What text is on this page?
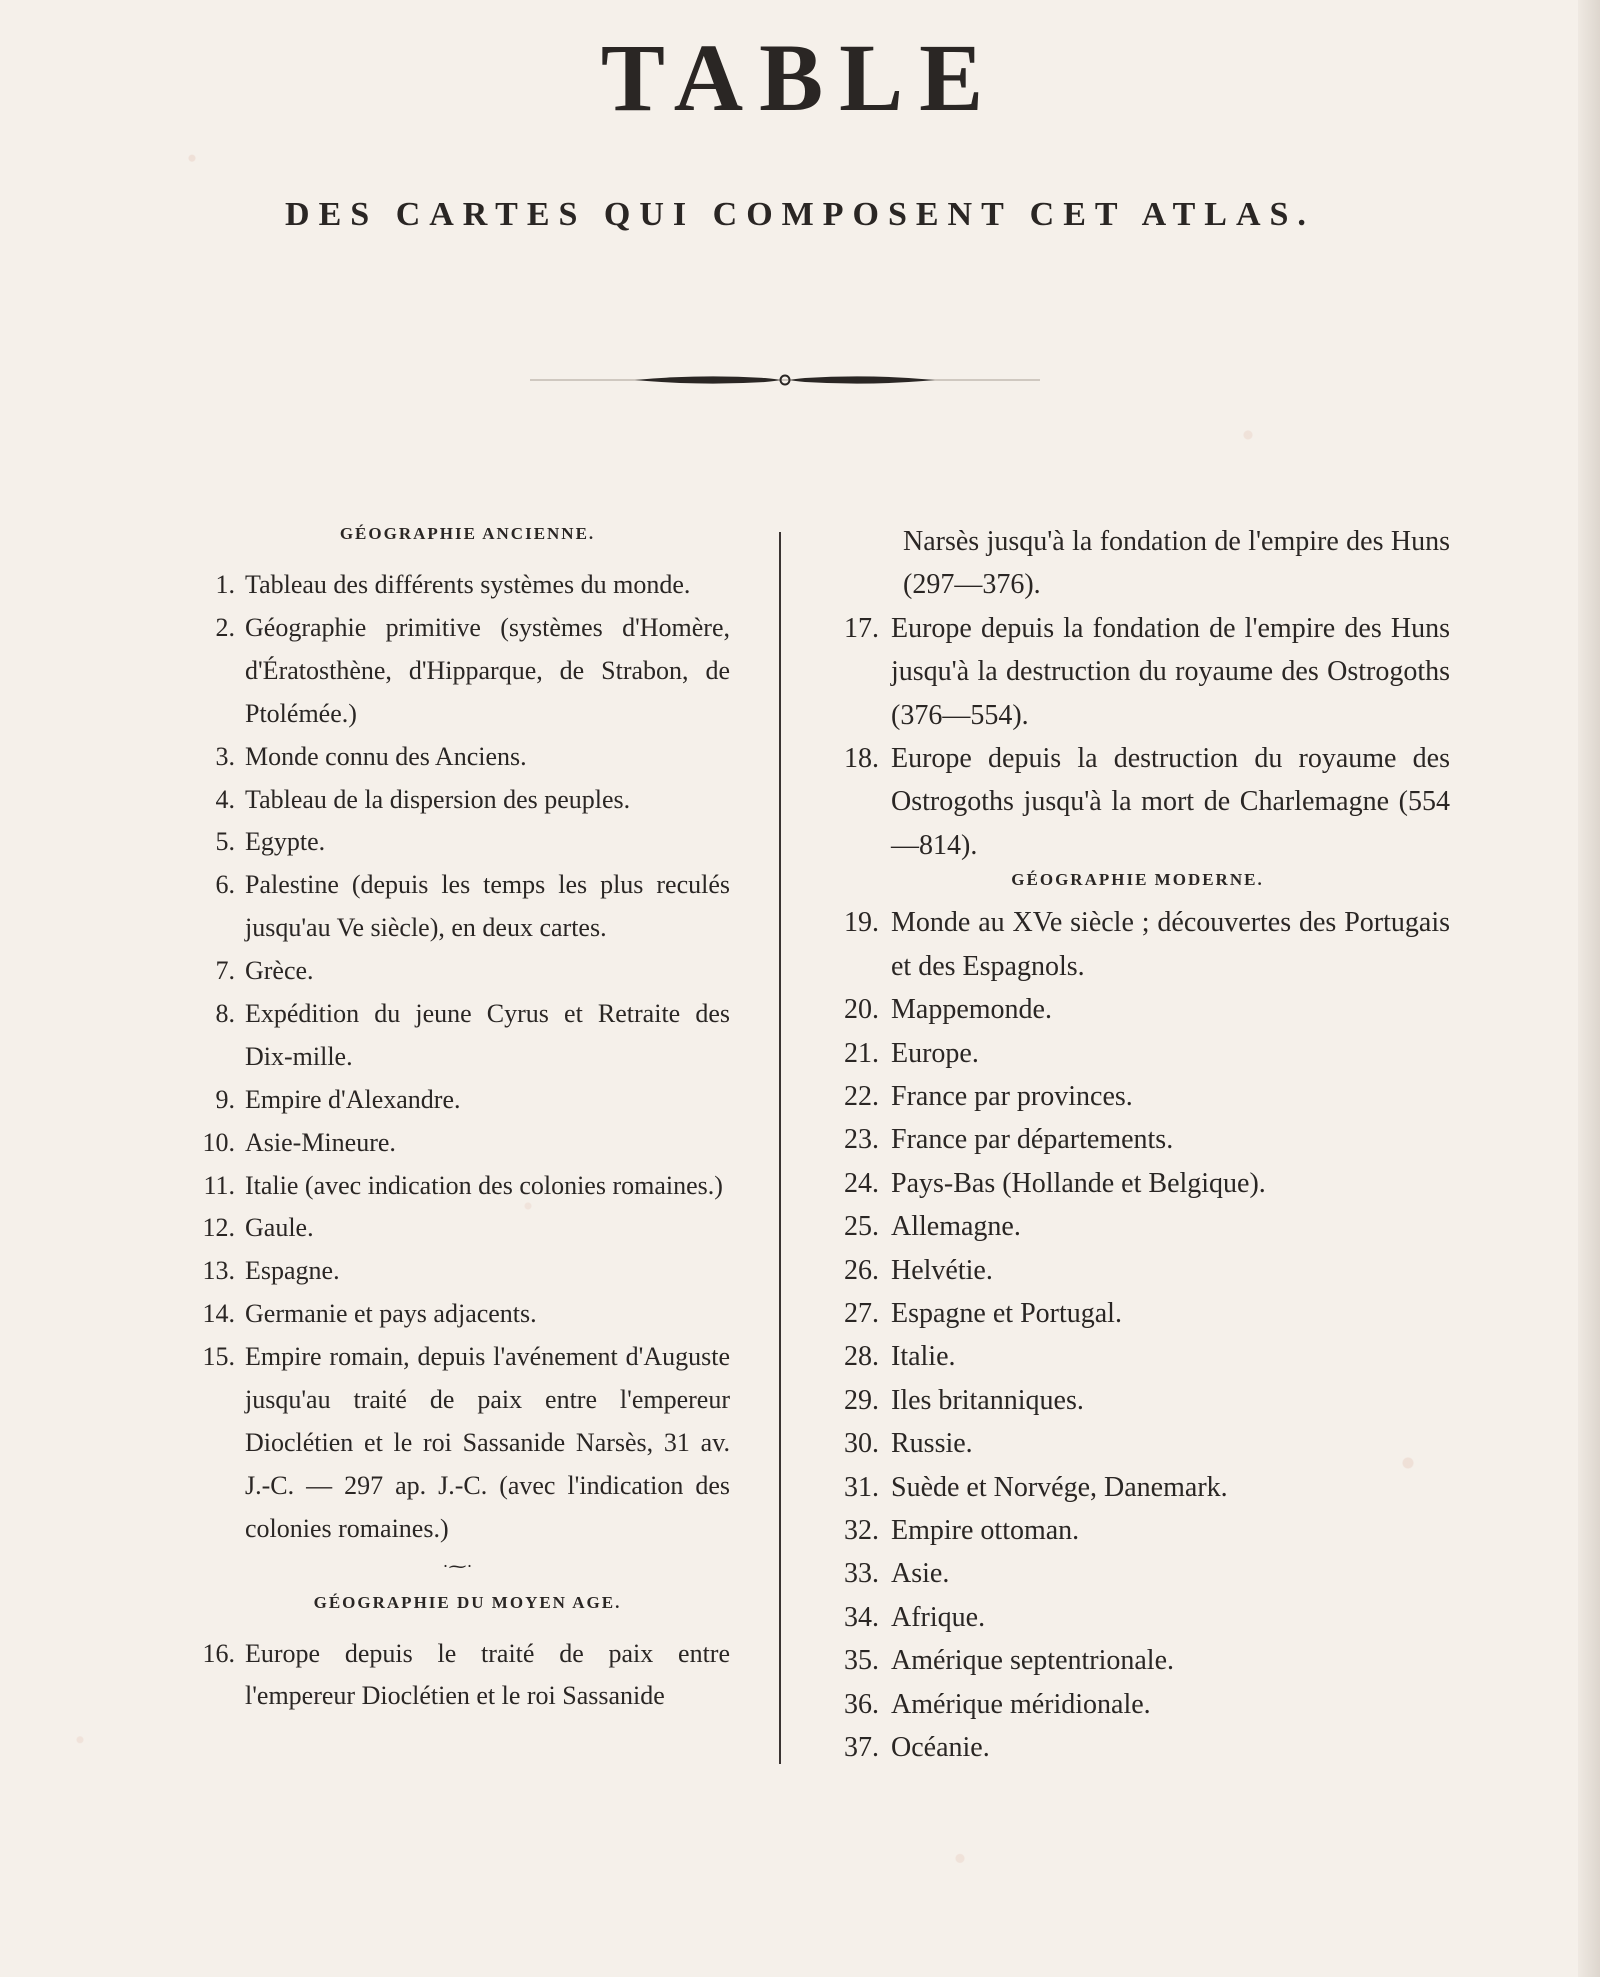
TABLE
DES CARTES QUI COMPOSENT CET ATLAS.

GÉOGRAPHIE ANCIENNE.

1. Tableau des différents systèmes du monde.
2. Géographie primitive (systèmes d'Homère, d'Ératosthène, d'Hipparque, de Strabon, de Ptolémée.)
3. Monde connu des Anciens.
4. Tableau de la dispersion des peuples.
5. Egypte.
6. Palestine (depuis les temps les plus reculés jusqu'au Ve siècle), en deux cartes.
7. Grèce.
8. Expédition du jeune Cyrus et Retraite des Dix-mille.
9. Empire d'Alexandre.
10. Asie-Mineure.
11. Italie (avec indication des colonies romaines.)
12. Gaule.
13. Espagne.
14. Germanie et pays adjacents.
15. Empire romain, depuis l'avénement d'Auguste jusqu'au traité de paix entre l'empereur Dioclétien et le roi Sassanide Narsès, 31 av. J.-C. — 297 ap. J.-C. (avec l'indication des colonies romaines.)
·⁓·

GÉOGRAPHIE DU MOYEN AGE.

16. Europe depuis le traité de paix entre l'empereur Dioclétien et le roi Sassanide

Narsès jusqu'à la fondation de l'empire des Huns (297—376).

17. Europe depuis la fondation de l'empire des Huns jusqu'à la destruction du royaume des Ostrogoths (376—554).
18. Europe depuis la destruction du royaume des Ostrogoths jusqu'à la mort de Charlemagne (554—814).

GÉOGRAPHIE MODERNE.

19. Monde au XVe siècle ; découvertes des Portugais et des Espagnols.
20. Mappemonde.
21. Europe.
22. France par provinces.
23. France par départements.
24. Pays-Bas (Hollande et Belgique).
25. Allemagne.
26. Helvétie.
27. Espagne et Portugal.
28. Italie.
29. Iles britanniques.
30. Russie.
31. Suède et Norvége, Danemark.
32. Empire ottoman.
33. Asie.
34. Afrique.
35. Amérique septentrionale.
36. Amérique méridionale.
37. Océanie.
